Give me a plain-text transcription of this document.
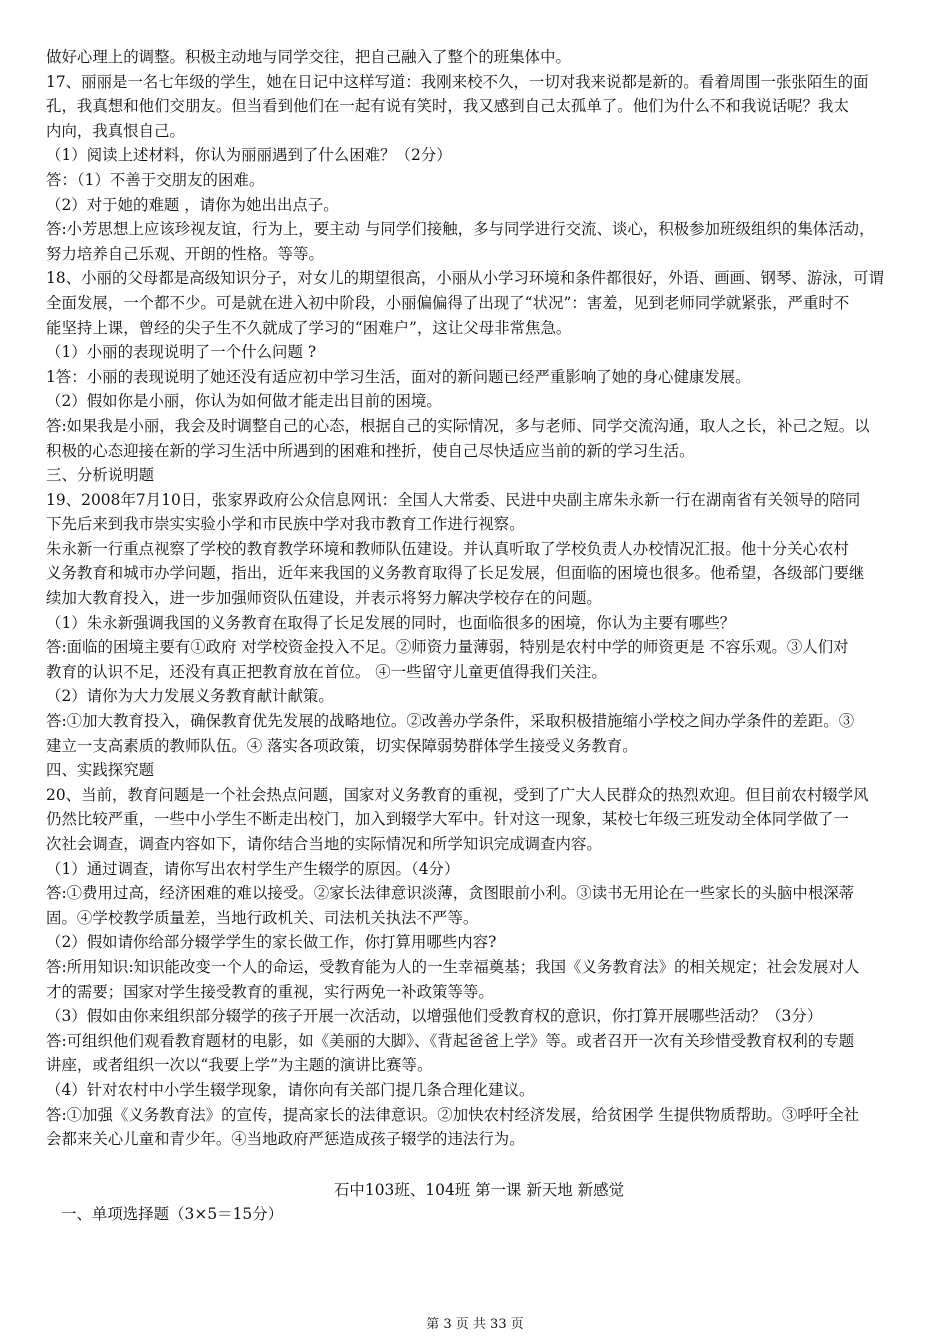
做好心理上的调整。积极主动地与同学交往，把自己融入了整个的班集体中。

17、丽丽是一名七年级的学生，她在日记中这样写道：我刚来校不久，一切对我来说都是新的。看着周围一张张陌生的面

孔，我真想和他们交朋友。但当看到他们在一起有说有笑时，我又感到自己太孤单了。他们为什么不和我说话呢？我太

内向，我真恨自己。

（1）阅读上述材料，你认为丽丽遇到了什么困难？（2分）

答：（1）不善于交朋友的困难。

（2）对于她的难题 ，请你为她出出点子。

答:小芳思想上应该珍视友谊，行为上，要主动 与同学们接触，多与同学进行交流、谈心，积极参加班级组织的集体活动，

努力培养自己乐观、开朗的性格。等等。

18、小丽的父母都是高级知识分子，对女儿的期望很高，小丽从小学习环境和条件都很好，外语、画画、钢琴、游泳，可谓

全面发展，一个都不少。可是就在进入初中阶段，小丽偏偏得了出现了“状况”：害羞，见到老师同学就紧张，严重时不

能坚持上课，曾经的尖子生不久就成了学习的“困难户”，这让父母非常焦急。

（1）小丽的表现说明了一个什么问题 ?

1答：小丽的表现说明了她还没有适应初中学习生活，面对的新问题已经严重影响了她的身心健康发展。

（2）假如你是小丽，你认为如何做才能走出目前的困境。

答:如果我是小丽，我会及时调整自己的心态，根据自己的实际情况，多与老师、同学交流沟通，取人之长，补己之短。以

积极的心态迎接在新的学习生活中所遇到的困难和挫折，使自己尽快适应当前的新的学习生活。

三、分析说明题

19、2008年7月10日，张家界政府公众信息网讯：全国人大常委、民进中央副主席朱永新一行在湖南省有关领导的陪同

下先后来到我市崇实实验小学和市民族中学对我市教育工作进行视察。

朱永新一行重点视察了学校的教育教学环境和教师队伍建设。并认真听取了学校负责人办校情况汇报。他十分关心农村

义务教育和城市办学问题，指出，近年来我国的义务教育取得了长足发展，但面临的困境也很多。他希望，各级部门要继

续加大教育投入，进一步加强师资队伍建设，并表示将努力解决学校存在的问题。

（1）朱永新强调我国的义务教育在取得了长足发展的同时，也面临很多的困境，你认为主要有哪些？

答:面临的困境主要有①政府 对学校资金投入不足。②师资力量薄弱，特别是农村中学的师资更是 不容乐观。③人们对

教育的认识不足，还没有真正把教育放在首位。 ④一些留守儿童更值得我们关注。

（2）请你为大力发展义务教育献计献策。

答:①加大教育投入，确保教育优先发展的战略地位。②改善办学条件，采取积极措施缩小学校之间办学条件的差距。③

建立一支高素质的教师队伍。④ 落实各项政策，切实保障弱势群体学生接受义务教育。

四、实践探究题

20、当前，教育问题是一个社会热点问题，国家对义务教育的重视，受到了广大人民群众的热烈欢迎。但目前农村辍学风

仍然比较严重，一些中小学生不断走出校门，加入到辍学大军中。针对这一现象，某校七年级三班发动全体同学做了一

次社会调查，调查内容如下，请你结合当地的实际情况和所学知识完成调查内容。

（1）通过调查，请你写出农村学生产生辍学的原因。（4分）

答:①费用过高，经济困难的难以接受。②家长法律意识淡薄，贪图眼前小利。③读书无用论在一些家长的头脑中根深蒂

固。④学校教学质量差，当地行政机关、司法机关执法不严等。

（2）假如请你给部分辍学学生的家长做工作，你打算用哪些内容?

答:所用知识:知识能改变一个人的命运，受教育能为人的一生幸福奠基；我国《义务教育法》的相关规定；社会发展对人

才的需要；国家对学生接受教育的重视，实行两免一补政策等等。

（3）假如由你来组织部分辍学的孩子开展一次活动，以增强他们受教育权的意识，你打算开展哪些活动？（3分）

答:可组织他们观看教育题材的电影，如《美丽的大脚》、《背起爸爸上学》等。或者召开一次有关珍惜受教育权利的专题

讲座，或者组织一次以“我要上学”为主题的演讲比赛等。

（4）针对农村中小学生辍学现象，请你向有关部门提几条合理化建议。

答:①加强《义务教育法》的宣传，提高家长的法律意识。②加快农村经济发展，给贫困学 生提供物质帮助。③呼吁全社

会都来关心儿童和青少年。④当地政府严惩造成孩子辍学的违法行为。

石中103班、104班 第一课 新天地 新感觉

一、单项选择题（3×5＝15分）

第 3 页 共 33 页
